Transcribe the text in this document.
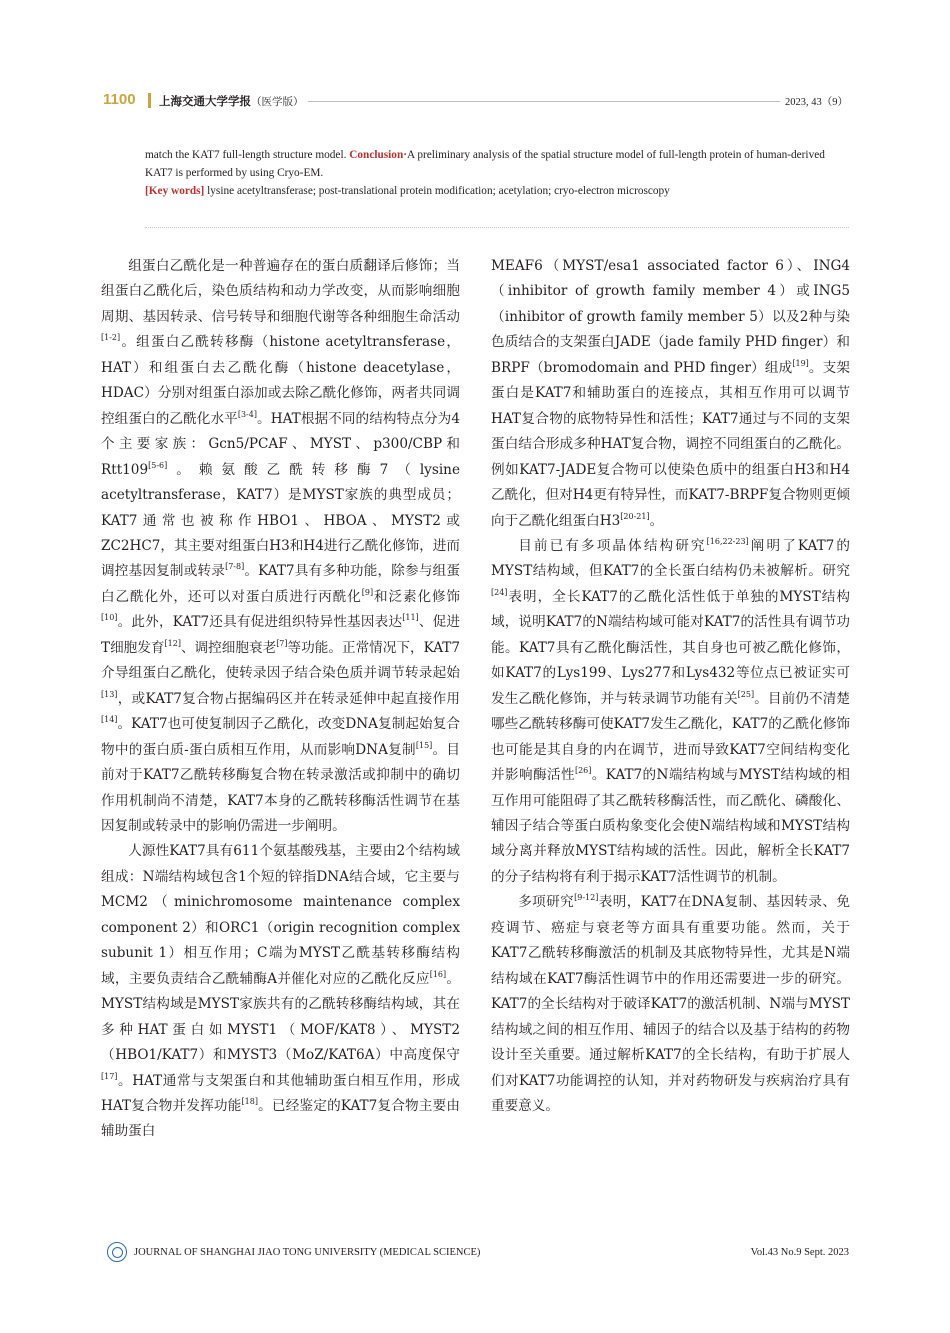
1100 上海交通大学学报（医学版）	2023, 43（9）

match the KAT7 full-length structure model. Conclusion·A preliminary analysis of the spatial structure model of full-length protein of human-derived KAT7 is performed by using Cryo-EM.

[Key words] lysine acetyltransferase; post-translational protein modification; acetylation; cryo-electron microscopy

组蛋白乙酰化是一种普遍存在的蛋白质翻译后修饰；当组蛋白乙酰化后，染色质结构和动力学改变，从而影响细胞周期、基因转录、信号转导和细胞代谢等各种细胞生命活动[1-2]。组蛋白乙酰转移酶（histone acetyltransferase，HAT）和组蛋白去乙酰化酶（histone deacetylase，HDAC）分别对组蛋白添加或去除乙酰化修饰，两者共同调控组蛋白的乙酰化水平[3-4]。HAT根据不同的结构特点分为4个主要家族：Gcn5/PCAF、MYST、p300/CBP和Rtt109[5-6]。赖氨酸乙酰转移酶7（lysine acetyltransferase，KAT7）是MYST家族的典型成员；KAT7通常也被称作HBO1、HBOA、MYST2或ZC2HC7，其主要对组蛋白H3和H4进行乙酰化修饰，进而调控基因复制或转录[7-8]。KAT7具有多种功能，除参与组蛋白乙酰化外，还可以对蛋白质进行丙酰化[9]和泛素化修饰[10]。此外，KAT7还具有促进组织特异性基因表达[11]、促进T细胞发育[12]、调控细胞衰老[7]等功能。正常情况下，KAT7介导组蛋白乙酰化，使转录因子结合染色质并调节转录起始[13]，或KAT7复合物占据编码区并在转录延伸中起直接作用[14]。KAT7也可使复制因子乙酰化，改变DNA复制起始复合物中的蛋白质-蛋白质相互作用，从而影响DNA复制[15]。目前对于KAT7乙酰转移酶复合物在转录激活或抑制中的确切作用机制尚不清楚，KAT7本身的乙酰转移酶活性调节在基因复制或转录中的影响仍需进一步阐明。

人源性KAT7具有611个氨基酸残基，主要由2个结构域组成：N端结构域包含1个短的锌指DNA结合域，它主要与MCM2（minichromosome maintenance complex component 2）和ORC1（origin recognition complex subunit 1）相互作用；C端为MYST乙酰基转移酶结构域，主要负责结合乙酰辅酶A并催化对应的乙酰化反应[16]。MYST结构域是MYST家族共有的乙酰转移酶结构域，其在多种HAT蛋白如MYST1（MOF/KAT8）、MYST2（HBO1/KAT7）和MYST3（MoZ/KAT6A）中高度保守[17]。HAT通常与支架蛋白和其他辅助蛋白相互作用，形成HAT复合物并发挥功能[18]。已经鉴定的KAT7复合物主要由辅助蛋白

MEAF6（MYST/esa1 associated factor 6）、ING4（inhibitor of growth family member 4）或ING5（inhibitor of growth family member 5）以及2种与染色质结合的支架蛋白JADE（jade family PHD finger）和BRPF（bromodomain and PHD finger）组成[19]。支架蛋白是KAT7和辅助蛋白的连接点，其相互作用可以调节HAT复合物的底物特异性和活性；KAT7通过与不同的支架蛋白结合形成多种HAT复合物，调控不同组蛋白的乙酰化。例如KAT7-JADE复合物可以使染色质中的组蛋白H3和H4乙酰化，但对H4更有特异性，而KAT7-BRPF复合物则更倾向于乙酰化组蛋白H3[20-21]。

目前已有多项晶体结构研究[16,22-23]阐明了KAT7的MYST结构域，但KAT7的全长蛋白结构仍未被解析。研究[24]表明，全长KAT7的乙酰化活性低于单独的MYST结构域，说明KAT7的N端结构域可能对KAT7的活性具有调节功能。KAT7具有乙酰化酶活性，其自身也可被乙酰化修饰，如KAT7的Lys199、Lys277和Lys432等位点已被证实可发生乙酰化修饰，并与转录调节功能有关[25]。目前仍不清楚哪些乙酰转移酶可使KAT7发生乙酰化，KAT7的乙酰化修饰也可能是其自身的内在调节，进而导致KAT7空间结构变化并影响酶活性[26]。KAT7的N端结构域与MYST结构域的相互作用可能阻碍了其乙酰转移酶活性，而乙酰化、磷酸化、辅因子结合等蛋白质构象变化会使N端结构域和MYST结构域分离并释放MYST结构域的活性。因此，解析全长KAT7的分子结构将有利于揭示KAT7活性调节的机制。

多项研究[9-12]表明，KAT7在DNA复制、基因转录、免疫调节、癌症与衰老等方面具有重要功能。然而，关于KAT7乙酰转移酶激活的机制及其底物特异性，尤其是N端结构域在KAT7酶活性调节中的作用还需要进一步的研究。KAT7的全长结构对于破译KAT7的激活机制、N端与MYST结构域之间的相互作用、辅因子的结合以及基于结构的药物设计至关重要。通过解析KAT7的全长结构，有助于扩展人们对KAT7功能调控的认知，并对药物研发与疾病治疗具有重要意义。

JOURNAL OF SHANGHAI JIAO TONG UNIVERSITY (MEDICAL SCIENCE)	Vol.43 No.9 Sept. 2023
